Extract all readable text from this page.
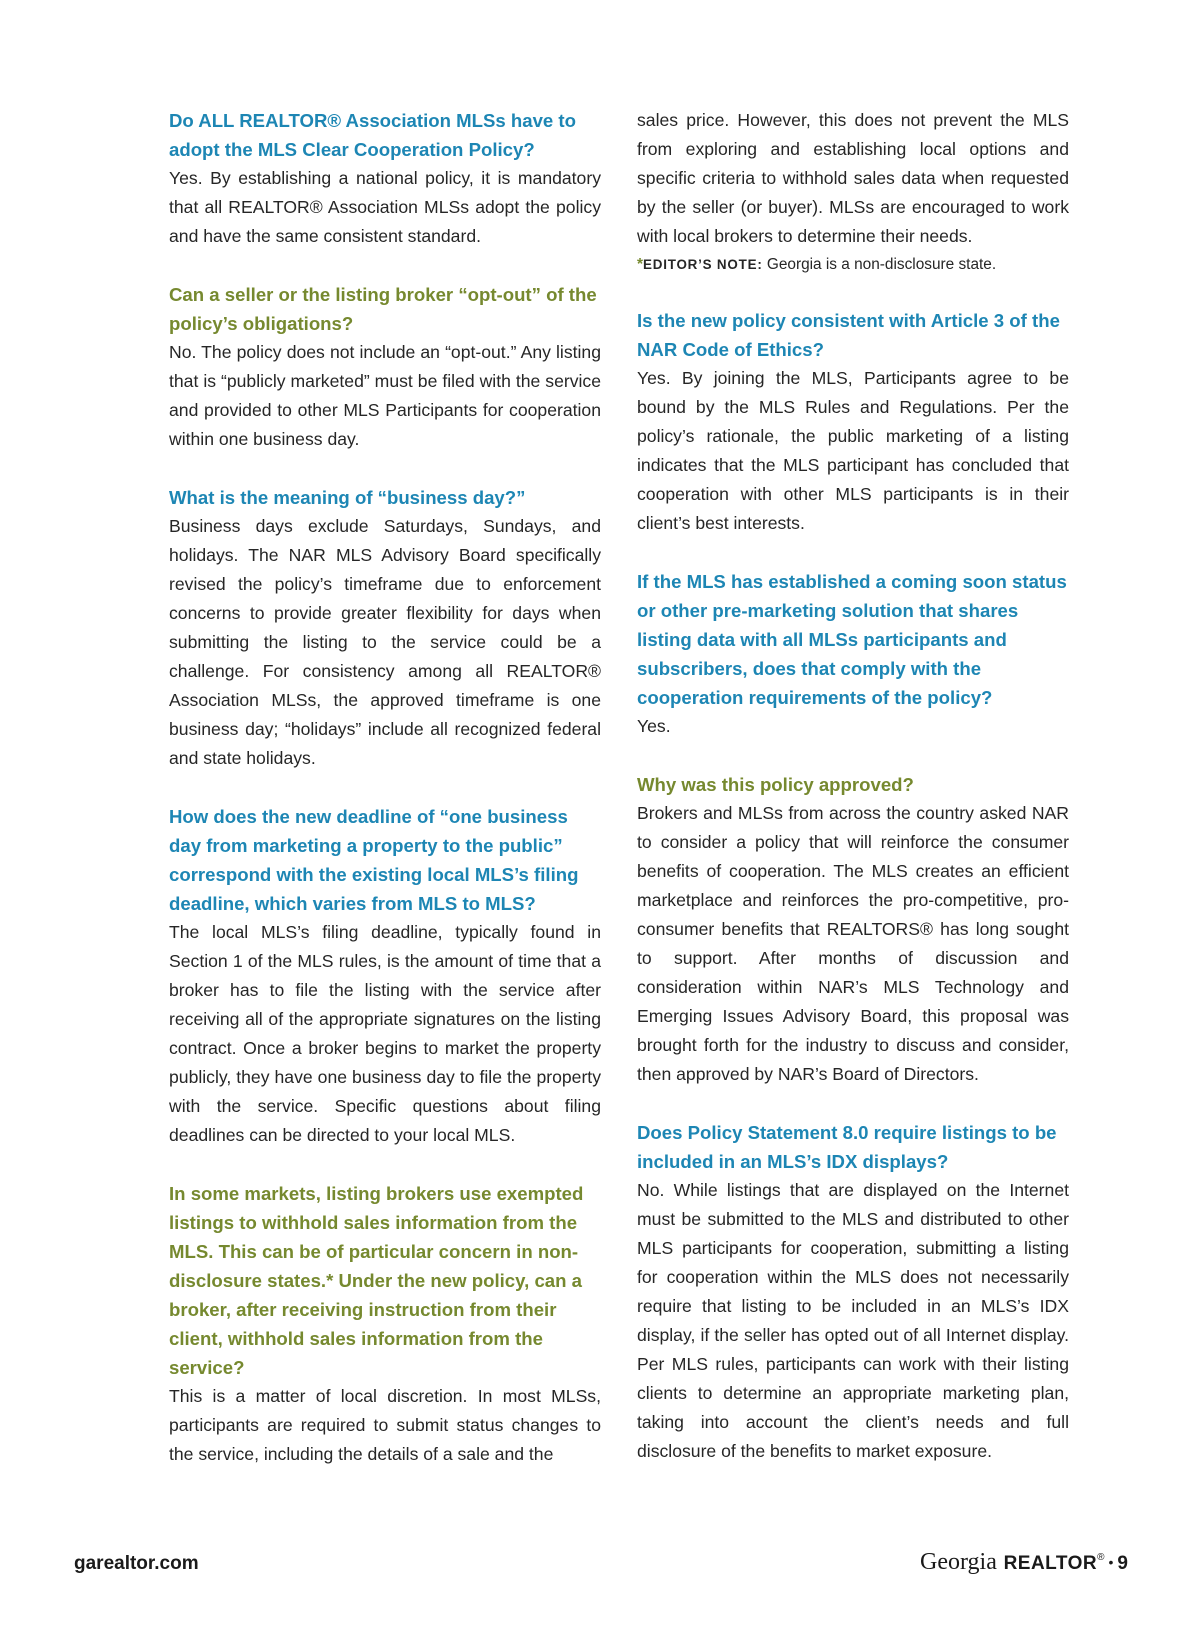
Do ALL REALTOR® Association MLSs have to adopt the MLS Clear Cooperation Policy?

Yes. By establishing a national policy, it is mandatory that all REALTOR® Association MLSs adopt the policy and have the same consistent standard.

Can a seller or the listing broker “opt-out” of the policy’s obligations?

No. The policy does not include an “opt-out.” Any listing that is “publicly marketed” must be filed with the service and provided to other MLS Participants for cooperation within one business day.

What is the meaning of “business day?”

Business days exclude Saturdays, Sundays, and holidays. The NAR MLS Advisory Board specifically revised the policy’s timeframe due to enforcement concerns to provide greater flexibility for days when submitting the listing to the service could be a challenge. For consistency among all REALTOR® Association MLSs, the approved timeframe is one business day; “holidays” include all recognized federal and state holidays.

How does the new deadline of “one business day from marketing a property to the public” correspond with the existing local MLS’s filing deadline, which varies from MLS to MLS?

The local MLS’s filing deadline, typically found in Section 1 of the MLS rules, is the amount of time that a broker has to file the listing with the service after receiving all of the appropriate signatures on the listing contract. Once a broker begins to market the property publicly, they have one business day to file the property with the service. Specific questions about filing deadlines can be directed to your local MLS.

In some markets, listing brokers use exempted listings to withhold sales information from the MLS. This can be of particular concern in non-disclosure states.* Under the new policy, can a broker, after receiving instruction from their client, withhold sales information from the service?

This is a matter of local discretion. In most MLSs, participants are required to submit status changes to the service, including the details of a sale and the

sales price. However, this does not prevent the MLS from exploring and establishing local options and specific criteria to withhold sales data when requested by the seller (or buyer). MLSs are encouraged to work with local brokers to determine their needs.

*EDITOR’S NOTE: Georgia is a non-disclosure state.

Is the new policy consistent with Article 3 of the NAR Code of Ethics?

Yes. By joining the MLS, Participants agree to be bound by the MLS Rules and Regulations. Per the policy’s rationale, the public marketing of a listing indicates that the MLS participant has concluded that cooperation with other MLS participants is in their client’s best interests.

If the MLS has established a coming soon status or other pre-marketing solution that shares listing data with all MLSs participants and subscribers, does that comply with the cooperation requirements of the policy?

Yes.

Why was this policy approved?

Brokers and MLSs from across the country asked NAR to consider a policy that will reinforce the consumer benefits of cooperation. The MLS creates an efficient marketplace and reinforces the pro-competitive, pro-consumer benefits that REALTORS® has long sought to support. After months of discussion and consideration within NAR’s MLS Technology and Emerging Issues Advisory Board, this proposal was brought forth for the industry to discuss and consider, then approved by NAR’s Board of Directors.

Does Policy Statement 8.0 require listings to be included in an MLS’s IDX displays?

No. While listings that are displayed on the Internet must be submitted to the MLS and distributed to other MLS participants for cooperation, submitting a listing for cooperation within the MLS does not necessarily require that listing to be included in an MLS’s IDX display, if the seller has opted out of all Internet display. Per MLS rules, participants can work with their listing clients to determine an appropriate marketing plan, taking into account the client’s needs and full disclosure of the benefits to market exposure.

garealtor.com	Georgia REALTOR® • 9
